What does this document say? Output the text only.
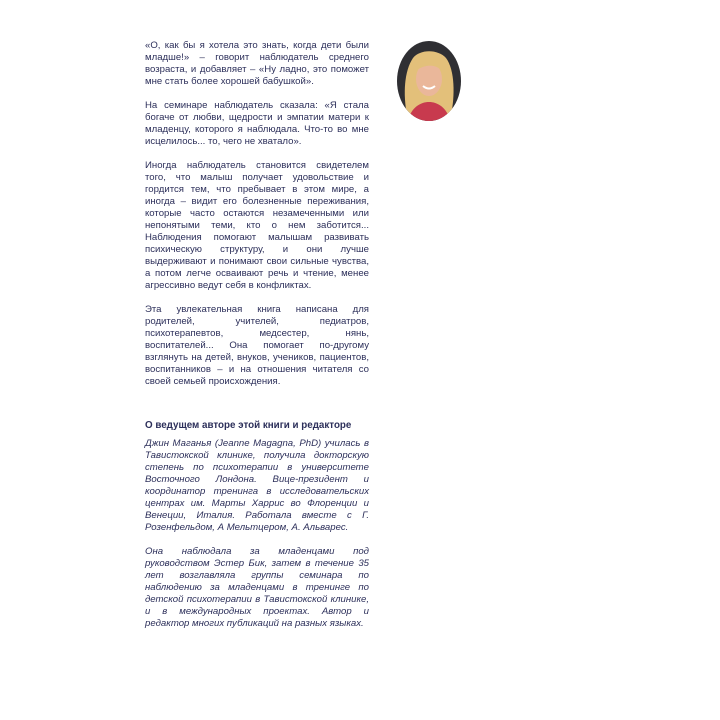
«О, как бы я хотела это знать, когда дети были младше!» – говорит наблюдатель среднего возраста, и добавляет – «Ну ладно, это поможет мне стать более хорошей бабушкой».

На семинаре наблюдатель сказала: «Я стала богаче от любви, щедрости и эмпатии матери к младенцу, которого я наблюдала. Что-то во мне исцелилось... то, чего не хватало».

Иногда наблюдатель становится свидетелем того, что малыш получает удовольствие и гордится тем, что пребывает в этом мире, а иногда – видит его болезненные переживания, которые часто остаются незамеченными или непонятыми теми, кто о нем заботится... Наблюдения помогают малышам развивать психическую структуру, и они лучше выдерживают и понимают свои сильные чувства, а потом легче осваивают речь и чтение, менее агрессивно ведут себя в конфликтах.

Эта увлекательная книга написана для родителей, учителей, педиатров, психотерапевтов, медсестер, нянь, воспитателей... Она помогает по-другому взглянуть на детей, внуков, учеников, пациентов, воспитанников – и на отношения читателя со своей семьей происхождения.

О ведущем авторе этой книги и редакторе

Джин Маганья (Jeanne Magagna, PhD) училась в Тавистокской клинике, получила докторскую степень по психотерапии в университете Восточного Лондона. Вице-президент и координатор тренинга в исследовательских центрах им. Марты Харрис во Флоренции и Венеции, Италия. Работала вместе с Г. Розенфельдом, А Мельтцером, А. Альварес.

Она наблюдала за младенцами под руководством Эстер Бик, затем в течение 35 лет возглавляла группы семинара по наблюдению за младенцами в тренинге по детской психотерапии в Тавистокской клинике, и в международных проектах. Автор и редактор многих публикаций на разных языках.
